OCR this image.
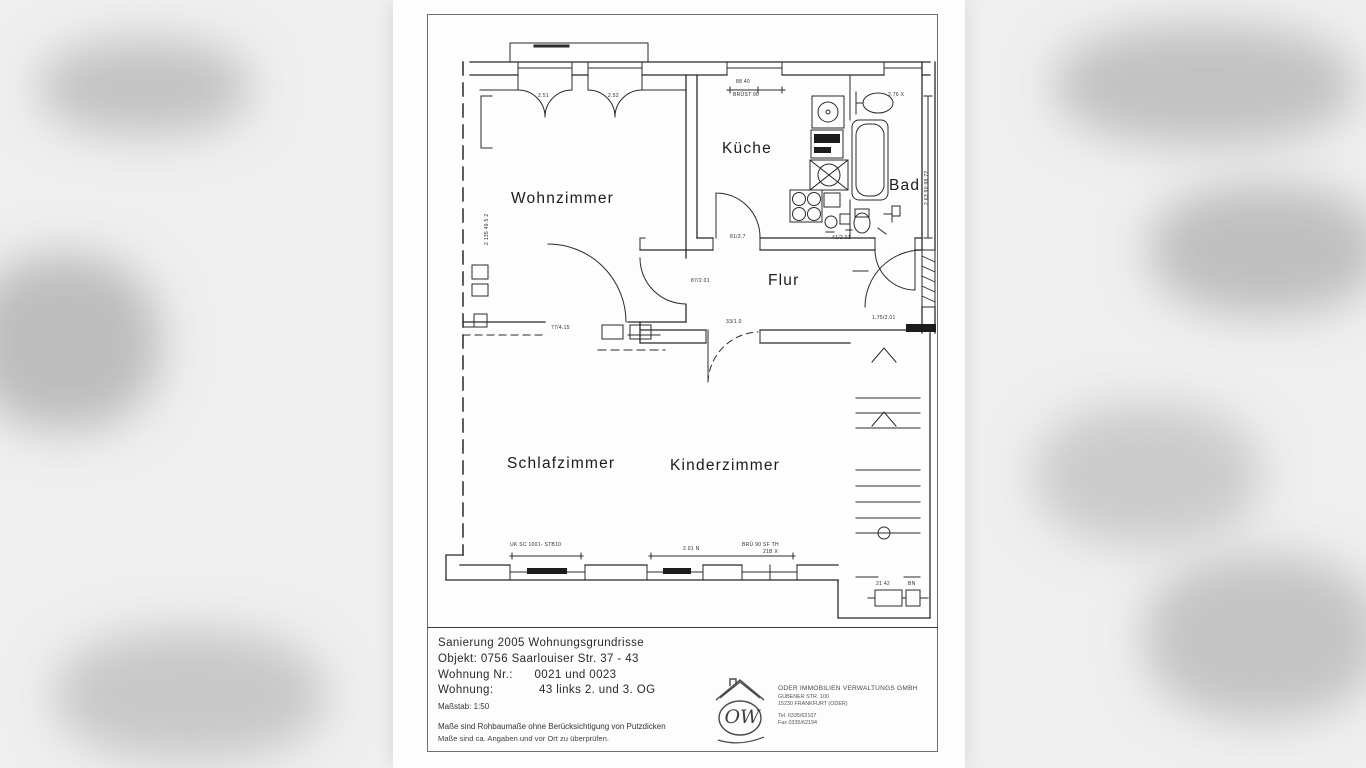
Wohnzimmer
Küche
Bad
Flur
Schlafzimmer	Kinderzimmer
88 40
BRÜST 90	2.76 X
2.63 90 98.72
2.135 49.5 2
2.51	2.52
87/2.01
77/4.15
33/1.0
81/2.7	41/2.01
1.75/2.01
UK SC 1001- STB10
2.01 N
BRÜ 90 SF TH
21B X
21 42	BN
Sanierung 2005 Wohnungsgrundrisse
Objekt: 0756 Saarlouiser Str. 37 - 43
Wohnung Nr.: 0021 und 0023
Wohnung:	43 links 2. und 3. OG
Maßstab: 1:50
Maße sind Rohbaumaße ohne Berücksichtigung von Putzdicken
Maße sind ca. Angaben und vor Ort zu überprüfen.
OW
ODER IMMOBILIEN VERWALTUNGS GMBH
GUBENER STR. 100
15230 FRANKFURT (ODER)
Tel. 0335/62107
Fax 0335/62194
